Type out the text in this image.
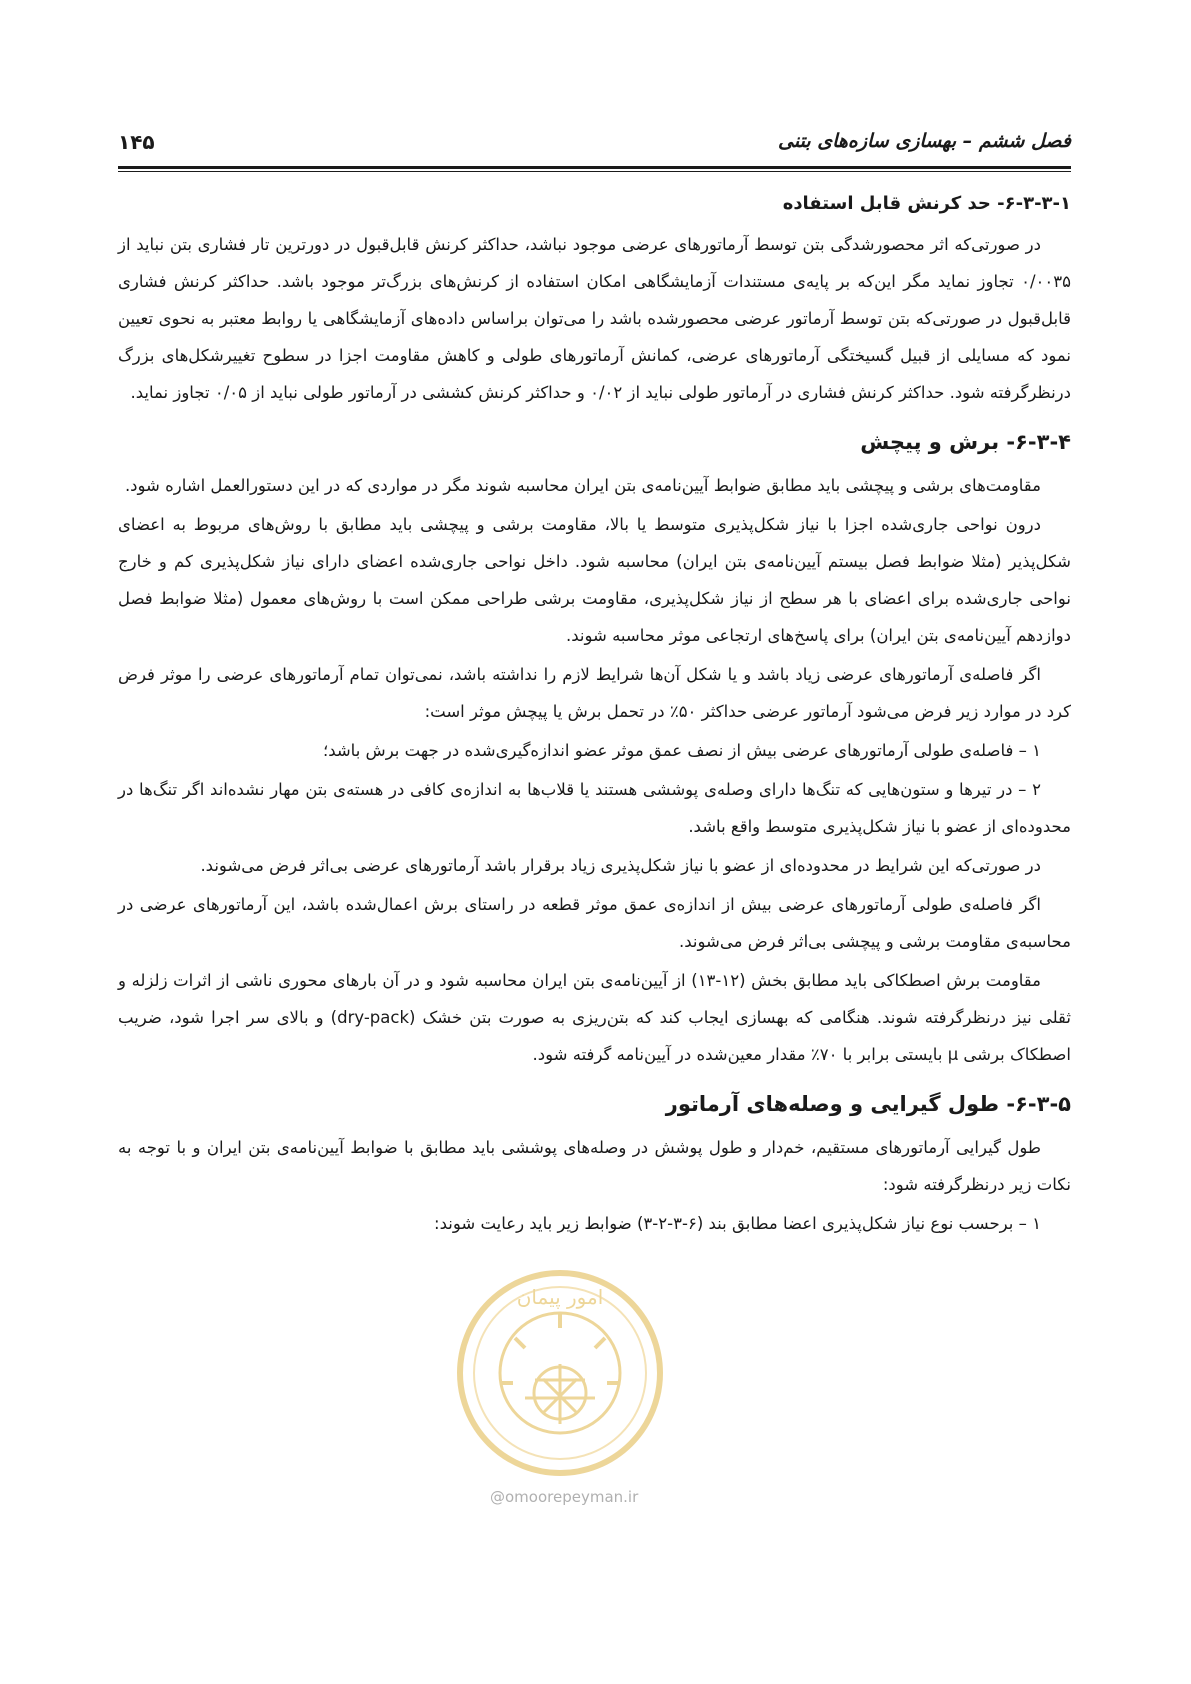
فصل ششم – بهسازی سازه‌های بتنی
۱۴۵
۶-۳-۳-۱- حد کرنش قابل استفاده

در صورتی‌که اثر محصورشدگی بتن توسط آرماتورهای عرضی موجود نباشد، حداکثر کرنش قابل‌قبول در دورترین تار فشاری بتن نباید از ۰/۰۰۳۵ تجاوز نماید مگر این‌که بر پایه‌ی مستندات آزمایشگاهی امکان استفاده از کرنش‌های بزرگ‌تر موجود باشد. حداکثر کرنش فشاری قابل‌قبول در صورتی‌که بتن توسط آرماتور عرضی محصورشده باشد را می‌توان براساس داده‌های آزمایشگاهی یا روابط معتبر به نحوی تعیین نمود که مسایلی از قبیل گسیختگی آرماتورهای عرضی، کمانش آرماتورهای طولی و کاهش مقاومت اجزا در سطوح تغییرشکل‌های بزرگ درنظرگرفته شود. حداکثر کرنش فشاری در آرماتور طولی نباید از ۰/۰۲ و حداکثر کرنش کششی در آرماتور طولی نباید از ۰/۰۵ تجاوز نماید.

۶-۳-۴- برش و پیچش

مقاومت‌های برشی و پیچشی باید مطابق ضوابط آیین‌نامه‌ی بتن ایران محاسبه شوند مگر در مواردی که در این دستورالعمل اشاره شود.

درون نواحی جاری‌شده اجزا با نیاز شکل‌پذیری متوسط یا بالا، مقاومت برشی و پیچشی باید مطابق با روش‌های مربوط به اعضای شکل‌پذیر (مثلا ضوابط فصل بیستم آیین‌نامه‌ی بتن ایران) محاسبه شود. داخل نواحی جاری‌شده اعضای دارای نیاز شکل‌پذیری کم و خارج نواحی جاری‌شده برای اعضای با هر سطح از نیاز شکل‌پذیری، مقاومت برشی طراحی ممکن است با روش‌های معمول (مثلا ضوابط فصل دوازدهم آیین‌نامه‌ی بتن ایران) برای پاسخ‌های ارتجاعی موثر محاسبه شوند.

اگر فاصله‌ی آرماتورهای عرضی زیاد باشد و یا شکل آن‌ها شرایط لازم را نداشته باشد، نمی‌توان تمام آرماتورهای عرضی را موثر فرض کرد در موارد زیر فرض می‌شود آرماتور عرضی حداکثر ۵۰٪ در تحمل برش یا پیچش موثر است:

۱ – فاصله‌ی طولی آرماتورهای عرضی بیش از نصف عمق موثر عضو اندازه‌گیری‌شده در جهت برش باشد؛

۲ – در تیرها و ستون‌هایی که تنگ‌ها دارای وصله‌ی پوششی هستند یا قلاب‌ها به اندازه‌ی کافی در هسته‌ی بتن مهار نشده‌اند اگر تنگ‌ها در محدوده‌ای از عضو با نیاز شکل‌پذیری متوسط واقع باشد.

در صورتی‌که این شرایط در محدوده‌ای از عضو با نیاز شکل‌پذیری زیاد برقرار باشد آرماتورهای عرضی بی‌اثر فرض می‌شوند.

اگر فاصله‌ی طولی آرماتورهای عرضی بیش از اندازه‌ی عمق موثر قطعه در راستای برش اعمال‌شده باشد، این آرماتورهای عرضی در محاسبه‌ی مقاومت برشی و پیچشی بی‌اثر فرض می‌شوند.

مقاومت برش اصطکاکی باید مطابق بخش (۱۲-۱۳) از آیین‌نامه‌ی بتن ایران محاسبه شود و در آن بارهای محوری ناشی از اثرات زلزله و ثقلی نیز درنظرگرفته شوند. هنگامی که بهسازی ایجاب کند که بتن‌ریزی به صورت بتن خشک (dry-pack) و بالای سر اجرا شود، ضریب اصطکاک برشی μ بایستی برابر با ۷۰٪ مقدار معین‌شده در آیین‌نامه گرفته شود.

۶-۳-۵- طول گیرایی و وصله‌های آرماتور

طول گیرایی آرماتورهای مستقیم، خم‌دار و طول پوشش در وصله‌های پوششی باید مطابق با ضوابط آیین‌نامه‌ی بتن ایران و با توجه به نکات زیر درنظرگرفته شود:

۱ – برحسب نوع نیاز شکل‌پذیری اعضا مطابق بند (۶-۳-۲-۳) ضوابط زیر باید رعایت شوند:

امور پیمان
@omoorepeyman.ir
